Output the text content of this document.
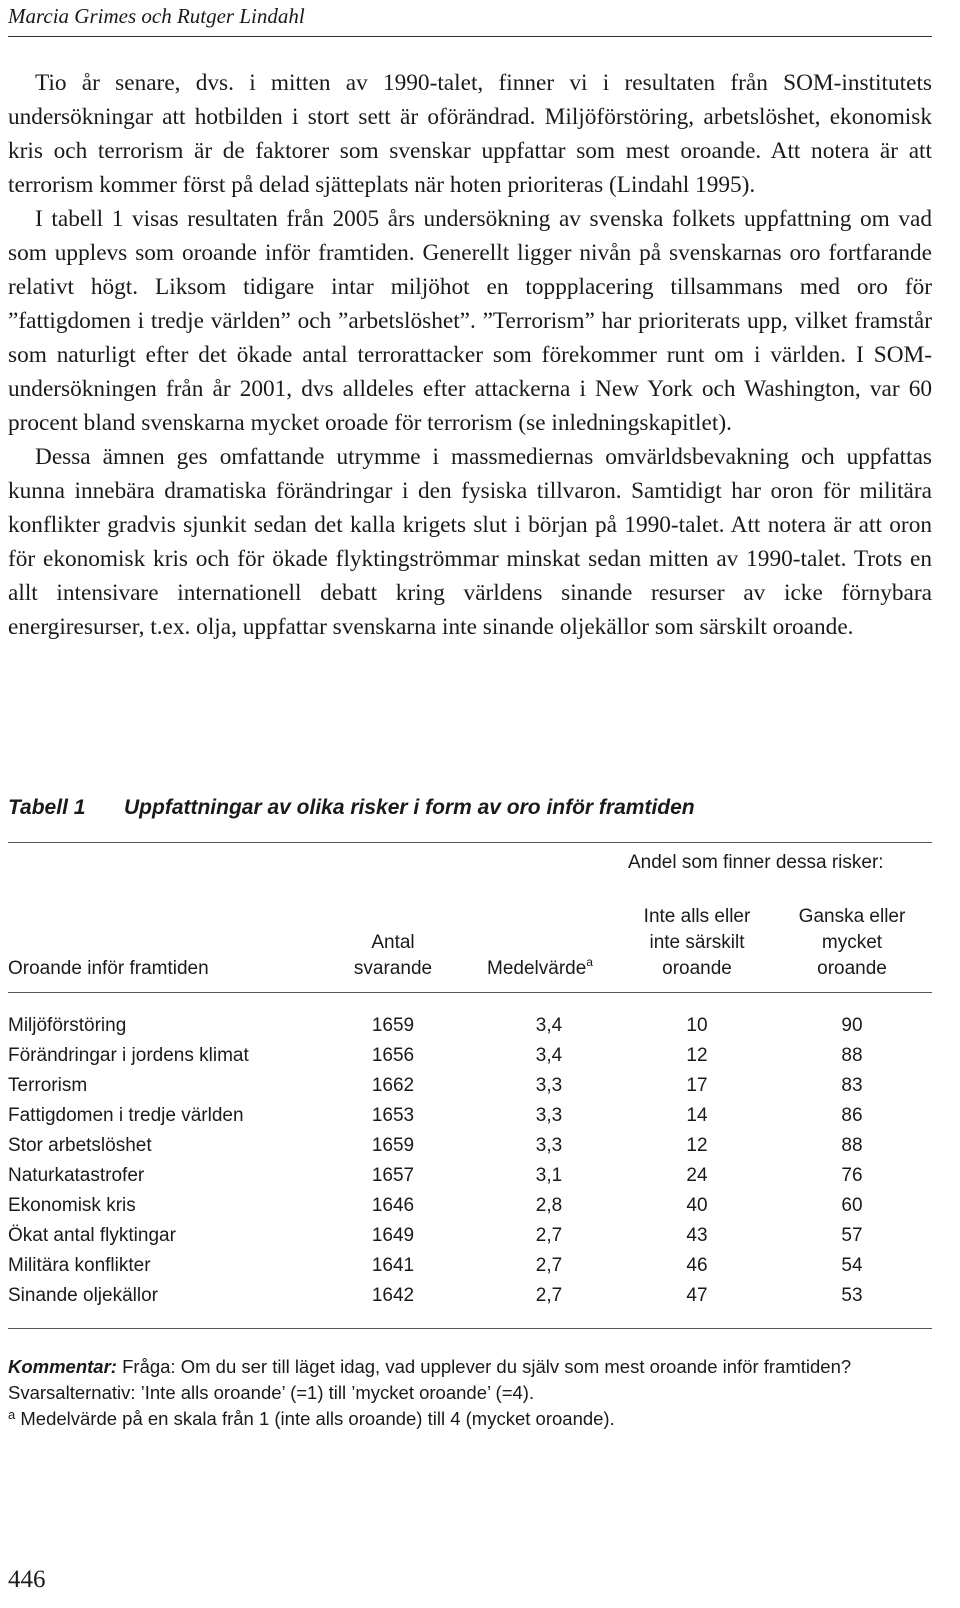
Marcia Grimes och Rutger Lindahl

Tio år senare, dvs. i mitten av 1990-talet, finner vi i resultaten från SOM-institutets undersökningar att hotbilden i stort sett är oförändrad. Miljöförstöring, arbetslöshet, ekonomisk kris och terrorism är de faktorer som svenskar uppfattar som mest oroande. Att notera är att terrorism kommer först på delad sjätteplats när hoten prioriteras (Lindahl 1995).

I tabell 1 visas resultaten från 2005 års undersökning av svenska folkets uppfattning om vad som upplevs som oroande inför framtiden. Generellt ligger nivån på svenskarnas oro fortfarande relativt högt. Liksom tidigare intar miljöhot en toppplacering tillsammans med oro för ”fattigdomen i tredje världen” och ”arbetslöshet”. ”Terrorism” har prioriterats upp, vilket framstår som naturligt efter det ökade antal terrorattacker som förekommer runt om i världen. I SOM-undersökningen från år 2001, dvs alldeles efter attackerna i New York och Washington, var 60 procent bland svenskarna mycket oroade för terrorism (se inledningskapitlet).

Dessa ämnen ges omfattande utrymme i massmediernas omvärldsbevakning och uppfattas kunna innebära dramatiska förändringar i den fysiska tillvaron. Samtidigt har oron för militära konflikter gradvis sjunkit sedan det kalla krigets slut i början på 1990-talet. Att notera är att oron för ekonomisk kris och för ökade flyktingströmmar minskat sedan mitten av 1990-talet. Trots en allt intensivare internationell debatt kring världens sinande resurser av icke förnybara energiresurser, t.ex. olja, uppfattar svenskarna inte sinande oljekällor som särskilt oroande.

Tabell 1 Uppfattningar av olika risker i form av oro inför framtiden
Andel som finner dessa risker:
Oroande inför framtiden
Antal
svarande	Medelvärde$^a$
Inte alls eller
inte särskilt
oroande
Ganska eller
mycket
oroande
Miljöförstöring	1659	3,4	10	90
Förändringar i jordens klimat	1656	3,4	12	88
Terrorism	1662	3,3	17	83
Fattigdomen i tredje världen	1653	3,3	14	86
Stor arbetslöshet	1659	3,3	12	88
Naturkatastrofer	1657	3,1	24	76
Ekonomisk kris	1646	2,8	40	60
Ökat antal flyktingar	1649	2,7	43	57
Militära konflikter	1641	2,7	46	54
Sinande oljekällor	1642	2,7	47	53

Kommentar: Fråga: Om du ser till läget idag, vad upplever du själv som mest oroande inför framtiden?

Svarsalternativ: ’Inte alls oroande’ (=1) till ’mycket oroande’ (=4).

$^a$ Medelvärde på en skala från 1 (inte alls oroande) till 4 (mycket oroande).

446
